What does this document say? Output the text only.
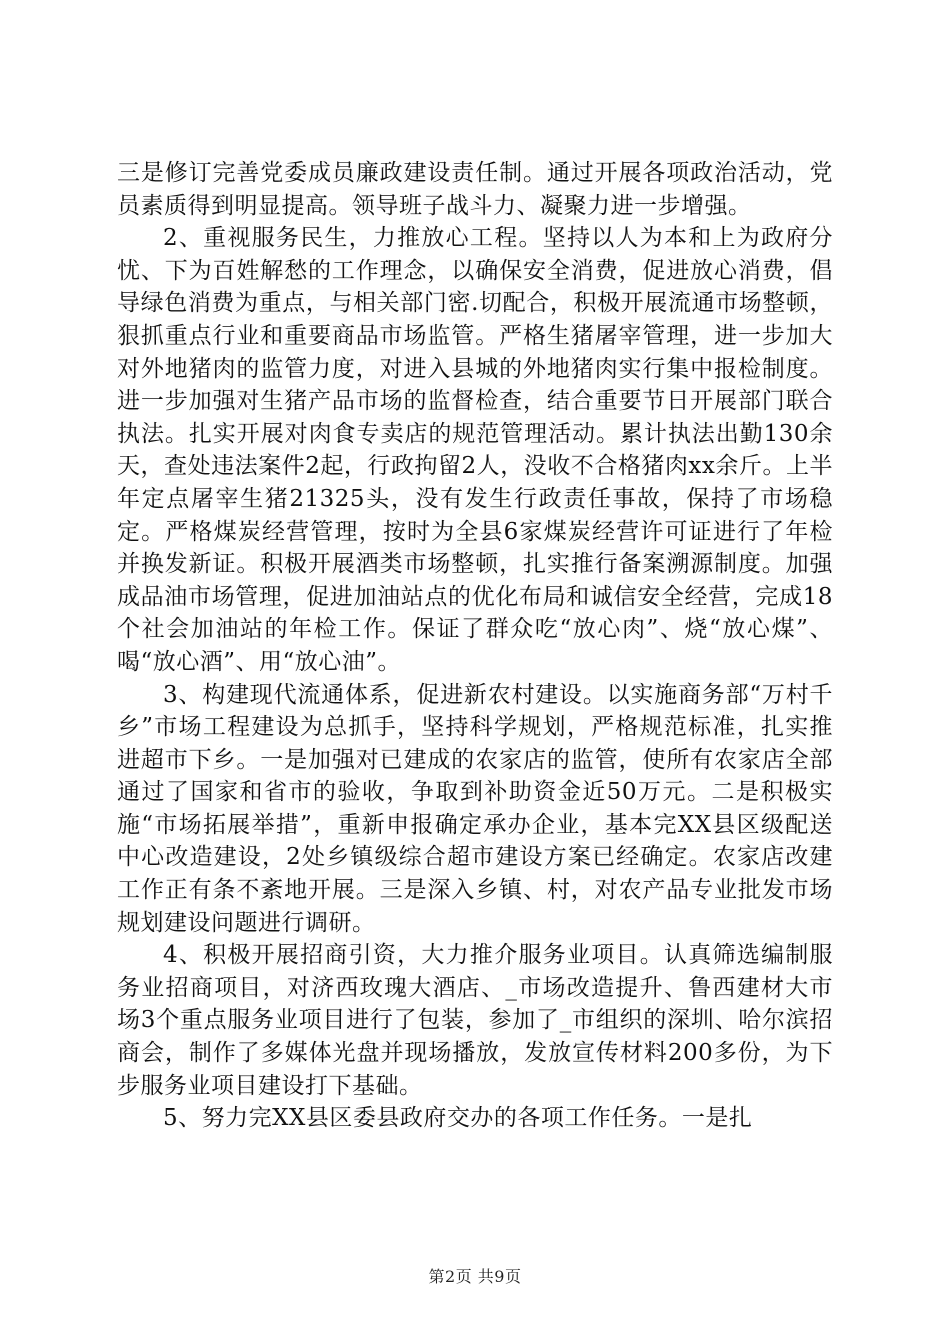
三是修订完善党委成员廉政建设责任制。通过开展各项政治活动，党员素质得到明显提高。领导班子战斗力、凝聚力进一步增强。

2、重视服务民生，力推放心工程。坚持以人为本和上为政府分忧、下为百姓解愁的工作理念，以确保安全消费，促进放心消费，倡导绿色消费为重点，与相关部门密.切配合，积极开展流通市场整顿，狠抓重点行业和重要商品市场监管。严格生猪屠宰管理，进一步加大对外地猪肉的监管力度，对进入县城的外地猪肉实行集中报检制度。进一步加强对生猪产品市场的监督检查，结合重要节日开展部门联合执法。扎实开展对肉食专卖店的规范管理活动。累计执法出勤130余天，查处违法案件2起，行政拘留2人，没收不合格猪肉xx余斤。上半年定点屠宰生猪21325头，没有发生行政责任事故，保持了市场稳定。严格煤炭经营管理，按时为全县6家煤炭经营许可证进行了年检并换发新证。积极开展酒类市场整顿，扎实推行备案溯源制度。加强成品油市场管理，促进加油站点的优化布局和诚信安全经营，完成18个社会加油站的年检工作。保证了群众吃“放心肉”、烧“放心煤”、喝“放心酒”、用“放心油”。

3、构建现代流通体系，促进新农村建设。以实施商务部“万村千乡”市场工程建设为总抓手，坚持科学规划，严格规范标准，扎实推进超市下乡。一是加强对已建成的农家店的监管，使所有农家店全部通过了国家和省市的验收，争取到补助资金近50万元。二是积极实施“市场拓展举措”，重新申报确定承办企业，基本完XX县区级配送中心改造建设，2处乡镇级综合超市建设方案已经确定。农家店改建工作正有条不紊地开展。三是深入乡镇、村，对农产品专业批发市场规划建设问题进行调研。

4、积极开展招商引资，大力推介服务业项目。认真筛选编制服务业招商项目，对济西玫瑰大酒店、_市场改造提升、鲁西建材大市场3个重点服务业项目进行了包装，参加了_市组织的深圳、哈尔滨招商会，制作了多媒体光盘并现场播放，发放宣传材料200多份，为下步服务业项目建设打下基础。

5、努力完XX县区委县政府交办的各项工作任务。一是扎

第2页 共9页
